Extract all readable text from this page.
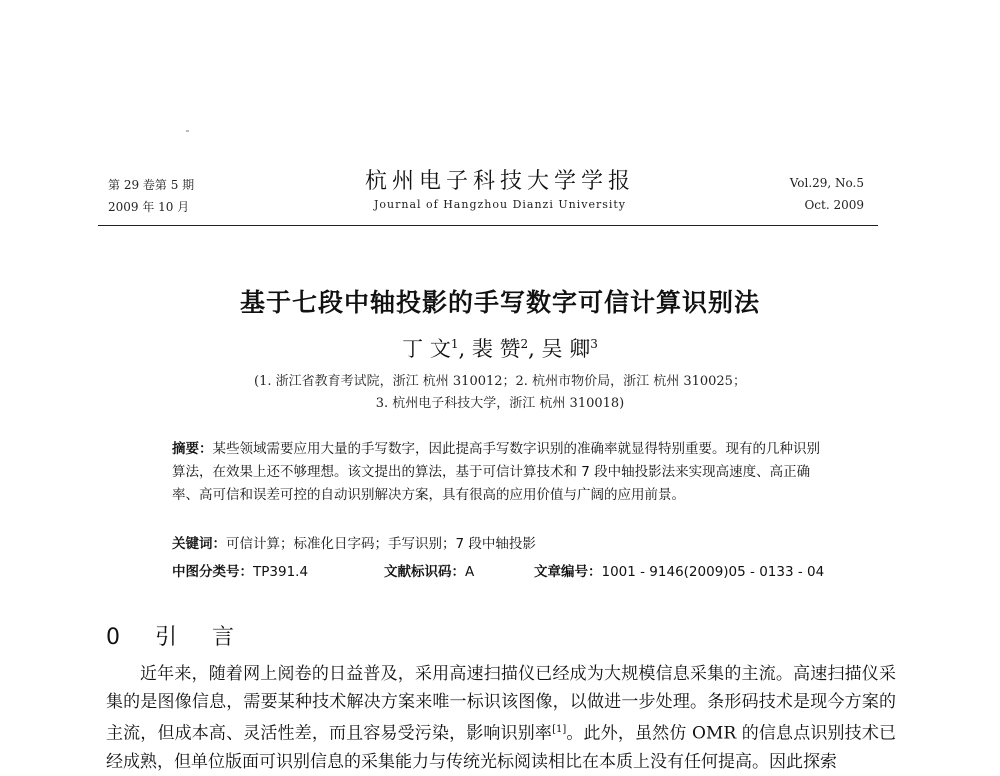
第 29 卷第 5 期
2009 年 10 月
杭州电子科技大学学报
Journal of Hangzhou Dianzi University
Vol.29, No.5
Oct. 2009
基于七段中轴投影的手写数字可信计算识别法
丁 文$^1$, 裴 赞$^2$, 吴 卿$^3$
(1. 浙江省教育考试院，浙江 杭州 310012；2. 杭州市物价局，浙江 杭州 310025；
3. 杭州电子科技大学，浙江 杭州 310018)
摘要：某些领域需要应用大量的手写数字，因此提高手写数字识别的准确率就显得特别重要。现有的几种识别算法，在效果上还不够理想。该文提出的算法，基于可信计算技术和 7 段中轴投影法来实现高速度、高正确率、高可信和误差可控的自动识别解决方案，具有很高的应用价值与广阔的应用前景。
关键词：可信计算；标准化日字码；手写识别；7 段中轴投影
中图分类号：TP391.4	文献标识码：A	文章编号：1001 - 9146(2009)05 - 0133 - 04
0 引 言

近年来，随着网上阅卷的日益普及，采用高速扫描仪已经成为大规模信息采集的主流。高速扫描仪采集的是图像信息，需要某种技术解决方案来唯一标识该图像，以做进一步处理。条形码技术是现今方案的主流，但成本高、灵活性差，而且容易受污染，影响识别率[1]。此外，虽然仿 OMR 的信息点识别技术已经成熟，但单位版面可识别信息的采集能力与传统光标阅读相比在本质上没有任何提高。因此探索
